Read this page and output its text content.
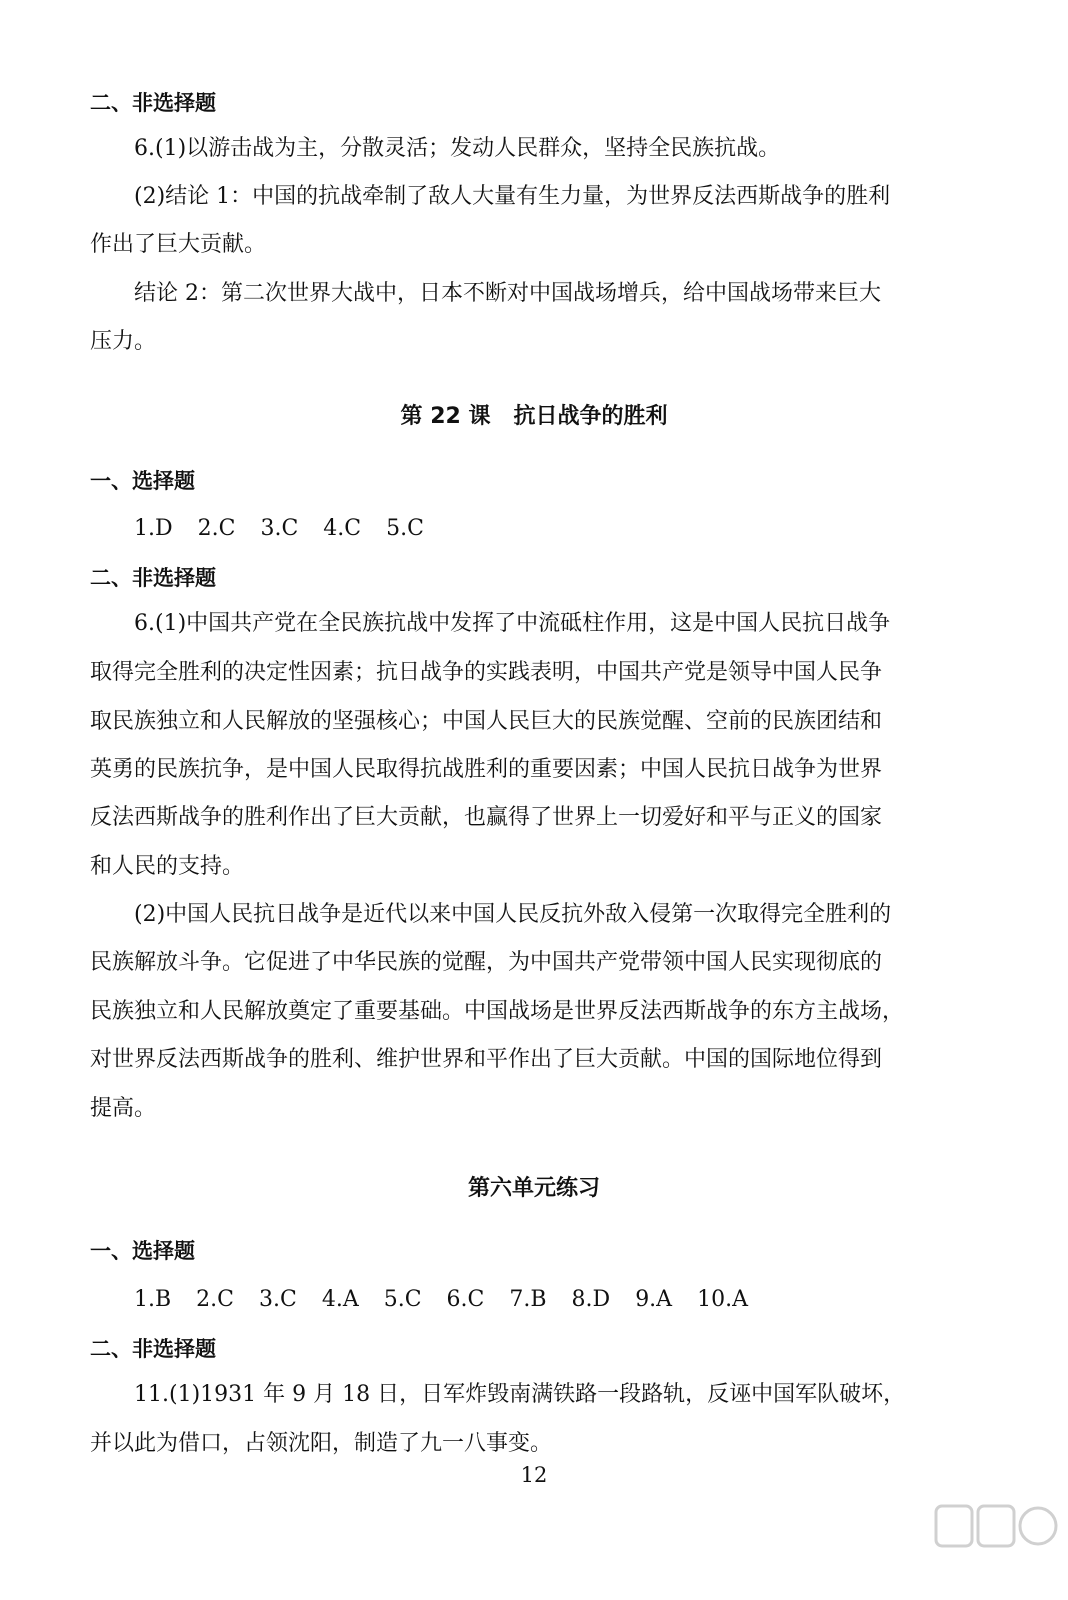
二、非选择题
6.(1)以游击战为主，分散灵活；发动人民群众，坚持全民族抗战。
(2)结论 1：中国的抗战牵制了敌人大量有生力量，为世界反法西斯战争的胜利
作出了巨大贡献。
结论 2：第二次世界大战中，日本不断对中国战场增兵，给中国战场带来巨大
压力。
第 22 课   抗日战争的胜利
一、选择题
1.D 2.C 3.C 4.C 5.C
二、非选择题
6.(1)中国共产党在全民族抗战中发挥了中流砥柱作用，这是中国人民抗日战争
取得完全胜利的决定性因素；抗日战争的实践表明，中国共产党是领导中国人民争
取民族独立和人民解放的坚强核心；中国人民巨大的民族觉醒、空前的民族团结和
英勇的民族抗争，是中国人民取得抗战胜利的重要因素；中国人民抗日战争为世界
反法西斯战争的胜利作出了巨大贡献，也赢得了世界上一切爱好和平与正义的国家
和人民的支持。
(2)中国人民抗日战争是近代以来中国人民反抗外敌入侵第一次取得完全胜利的
民族解放斗争。它促进了中华民族的觉醒，为中国共产党带领中国人民实现彻底的
民族独立和人民解放奠定了重要基础。中国战场是世界反法西斯战争的东方主战场，
对世界反法西斯战争的胜利、维护世界和平作出了巨大贡献。中国的国际地位得到
提高。
第六单元练习
一、选择题
1.B 2.C 3.C 4.A 5.C 6.C 7.B 8.D 9.A 10.A
二、非选择题
11.(1)1931 年 9 月 18 日，日军炸毁南满铁路一段路轨，反诬中国军队破坏，
并以此为借口，占领沈阳，制造了九一八事变。
12
